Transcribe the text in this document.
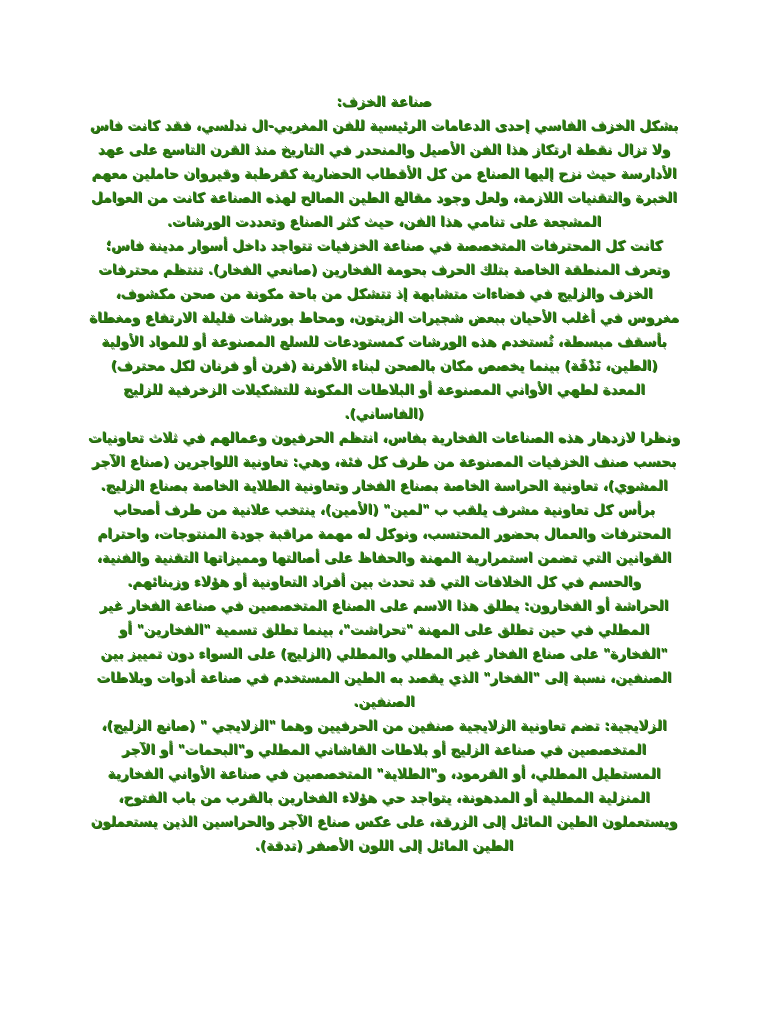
صناعة الخزف:

بشكل الخزف الفاسي إحدى الدعامات الرئيسية للفن المغربي-ال ندلسي، فقد كانت فاس ولا تزال نقطة ارتكاز هذا الفن الأصيل والمنحدر في التاريخ منذ القرن التاسع على عهد الأدارسة حيث نزح إليها الصناع من كل الأقطاب الحضارية كقرطبة وقيروان حاملين معهم الخبرة والتقنيات اللازمة، ولعل وجود مقالع الطين الصالح لهذه الصناعة كانت من العوامل المشجعة على تنامي هذا الفن، حيث كثر الصناع وتعددت الورشات.

كانت كل المحترفات المتخصصة في صناعة الخزفيات تتواجد داخل أسوار مدينة فاس؛ وتعرف المنطقة الخاصة بتلك الحرف بحومة الفخارين (صانعي الفخار). تنتظم محترفات الخزف والزليج في فضاءات متشابهة إذ تتشكل من باحة مكونة من صحن مكشوف، مغروس في أغلب الأحيان ببعض شجيرات الزيتون، ومحاط بورشات قليلة الارتفاع ومغطاة بأسقف مبسطة، تُستخدم هذه الورشات كمستودعات للسلع المصنوعة أو للمواد الأولية (الطين، نَدْقَة) بينما يخصص مكان بالصحن لبناء الأفرنة (فرن أو فرنان لكل محترف) المعدة لطهي الأواني المصنوعة أو البلاطات المكونة للتشكيلات الزخرفية للزليج (الفاساني).

ونظرا لازدهار هذه الصناعات الفخارية بفاس، انتظم الحرفيون وعمالهم في ثلاث تعاونيات بحسب صنف الخزفيات المصنوعة من طرف كل فئة، وهي: تعاونية اللواجرين (صناع الآجر المشوي)، تعاونية الحراسة الخاصة بصناع الفخار وتعاونية الطلاية الخاصة بصناع الزليج. برأس كل تعاونية مشرف يلقب ب "لمين" (الأمين)، ينتخب علانية من طرف أصحاب المحترفات والعمال بحضور المحتسب، ونوكل له مهمة مراقبة جودة المنتوجات، واحترام القوانين التي تضمن استمرارية المهنة والحفاظ على أصالتها ومميزاتها التقنية والفنية، والحسم في كل الخلافات التي قد تحدث بين أفراد التعاونية أو هؤلاء وزبنائهم.

الحراشة أو الفخارون: يطلق هذا الاسم على الصناع المتخصصين في صناعة الفخار غير المطلي في حين تطلق على المهنة "تحراشت"، بينما تطلق تسمية "الفخارين" أو "الفخارة" على صناع الفخار غير المطلي والمطلي (الزليج) على السواء دون تمييز بين الصنفين، نسبة إلى "الفخار" الذي يقصد به الطين المستخدم في صناعة أدوات وبلاطات الصنفين.

الزلايجية: تضم تعاونية الزلايجية صنفين من الحرفيين وهما "الزلايجي " (صانع الزليج)، المتخصصين في صناعة الزليج أو بلاطات القاشاني المطلي و"البحمات" أو الآجر المستطيل المطلي، أو القرمود، و"الطلاية" المتخصصين في صناعة الأواني الفخارية المنزلية المطلية أو المدهونة، يتواجد حي هؤلاء الفخارين بالقرب من باب الفتوح، ويستعملون الطين المائل إلى الزرقة، على عكس صناع الآجر والحراسين الذين يستعملون الطين المائل إلى اللون الأصفر (تدقة).
